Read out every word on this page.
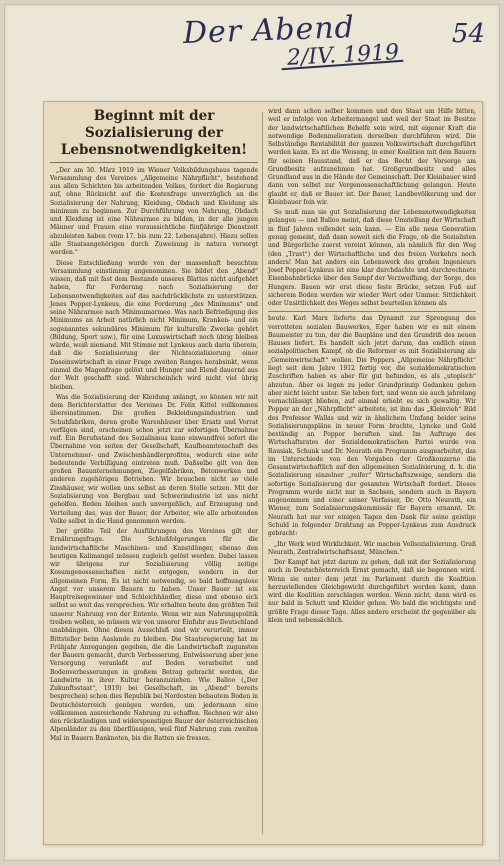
Der Abend
2/IV. 1919
54
Beginnt mit der Sozialisierung der Lebensnotwendigkeiten!

„Der am 30. März 1919 im Wiener Volksbildungshaus tagende Versammlung des Vereines „Allgemeine Nährpflicht“, bestehend aus allen Schichten bis arbeitenden Volkes, fordert die Regierung auf, ohne Rücksicht auf die Kostenfrage unverzüglich an die Sozialisierung der Nahrung, Kleidung, Obdach und Kleidung als minimum zu beginnen. Zur Durchführung von Nahrung, Obdach und Kleidung ist eine Nährarmee zu bilden, in der alle jungen Männer und Frauen eine voraussichtliche fünfjährige Dienstzeit abzuleisten haben (vom 17. bis zum 22. Lebensjahre). Hiezu sollen alle Staatsangehörigen durch Zuweisung in natura versorgt werden.“

Diese Entschließung wurde von der massenhaft besuchten Versammlung einstimmig angenommen. Sie bildet den „Abend“ wissen, daß mit fast dem Bestande unseres Blattes nicht aufgehört haben, für Forderung nach Sozialisierung der Lebensnotwendigkeiten auf das nachdrücklichste zu unterstützen. Jenes Popper-Lynkeus, die eine Forderung „des Minimums“ und seine Nährarmee nach Minimumarmee. Was nach Befriedigung des Minimums an Arbeit natürlich nicht Minimum, Kranken- und ein sogenanntes sekundäres Minimum für kulturelle Zwecke gehört (Bildung, Sport usw.), für eine Luxuswirtschaft noch übrig bleiben würde, weiß niemand. Mit Stimme mit Lynkeus auch darin überein, daß die Sozialisierung der Nichtsozialisierung einer Daseinswirtschaft in einer Frage zweiten Ranges herabsinkt, wenn einmal die Magenfrage gelöst und Hunger und Elend dauernd aus der Welt geschafft sind. Wahrscheinlich wird nicht viel übrig bleiben.

Was die Sozialisierung der Kleidung anlangt, so können wir mit dem Berichterstatter des Vereines Dr. Felix Kittel vollkommen übereinstimmen. Die großen Bekleidungsindustrien und Schuhfabriken, deren große Warenhäuser über Ersatz und Vorrat verfügen sind, erscheinen schon jetzt zur sofortigen Übernahme reif. Ein Berufsstand des Sozialismus kann einwandfrei sofort die Übernahme von seiten der Gesellschaft, Kaufbeamtenschaft des Unternehmer- und Zwischenhändlerprofites, wodurch eine sehr bedeutende Verbilligung eintreten muß. Daßselbe gilt von den großen Bauunternehmungen, Ziegelfabriken, Betonwerken und anderen zugehörigen Betrieben. Wir brauchen nicht so viele Zinshäuser, wir wollen uns selbst an deren Stelle setzen. Mit der Sozialisierung von Bergbau und Schwerindustrie ist uns nicht geholfen. Reden bleiben auch unvergeßlich, auf Erzeugung und Verteilung das, was der Bauer, der Arbeiter, wie alle arbeitenden Volke selbst in die Hand genommen werden.

Der größte Teil der Ausführungen des Vereines gilt der Ernährungsfrage. Die Schlußfolgerungen für die landwirtschaftliche Maschinen- und Kunstdünger, ebenso den heutigen Kalimangel müssen zugleich gelöst werden. Dabei lassen wir übrigens zur Sozialisierung völlig zeitige Kosumgenossenschaften nicht entgegen, sondern in der allgemeinen Form. Es ist nicht notwendig, so bald hoffnungslose Angst vor unserem Bauern zu haben. Unser Bauer ist ein Hauptreisegewinner und Schleichhändler, diese und ebenso sich selbst so weit das versprechen. Wir erhalten heute den größten Teil unserer Nahrung von der Entente. Wenn wir nun Nahrungspolitik treiben wollen, so müssen wir von unserer Einfuhr aus Deutschland unabhängen. Ohne diesen Ausschluß sind wir verurteilt, immer Bittsteller beim Auslande zu bleiben. Die Staatsregierung hat im Frühjahr Anregungen gegeben, die die Landwirtschaft zugunsten der Bauern gemacht, durch Verbesserung, Entwässerung aber jene Versorgung veranlaßt auf Boden verarbeitet und Bodenverbesserungen in großem Betrag gebracht werden, die Landwirte in ihrer Kultur heranzuziehen. Wie Balloo („Der Zukunftsstaat“, 1919) bei Gesellschaft, im „Abend“ bereits besprochen) schon dies Republik bei Nordosten bebautem Boden in Deutschösterreich genügen werden, um jedermann eine vollkommen ausreichende Nahrung zu schaffen. Rechnen wir also den rückständigen und widerspenstigen Bauer der österreichischen Alpenländer zu den überflüssigen, weil fünf Nahrung zum zweiten Mal in Bauern Banknoten, bis die Ratten sie fressen.

wird dann schon selber kommen und den Staat um Hilfe bitten, weil er infolge von Arbeitermangel und weil der Staat im Besitze der landwirtschaftlichen Behelfe sein wird, mit eigener Kraft die notwendige Bodenmelioration derselben durchführen wird. Die Selbständige Rentabilität der ganzen Volkswirtschaft durchgeführt werden kann. Es ist die Weisung, in einer Koalition mit dem Bauern für seinen Hausstand, daß er das Recht der Vorsorge am Grundbesitz aufzunehmen hat. Großgrundbesitz und alles Grundland aus in die Hände der Gemeinschaft. Der Kleinbauer wird dann von selbst zur Vergenossenschaftlichung gelangen. Heute glaubt er, daß er Bauer ist. Der Bauer, Landbevölkerung und der Kleinbauer fein wir.

So muß man sie gut Sozialisierung der Lebensnotwendigkeiten gelangen — und Balloo meint, daß diese Umstellung der Wirtschaft in fünf Jahren vollendet sein kann. — Ein alle neue Generation genug gemeint, daß dann soweit sich die Frage, ob die Sozialisten und Bürgerliche zuerst vereint können, als nämlich für den Weg (den „Trust“) der Wirtschaftliche und des freien Verkehrs noch anders! Man hat anders ein Lebenswerk des großen Ingenieurs Josef Popper-Lynkeus ist eine klar durchdachte und durchrechnete Eisenbahnbrücke über den Sumpf der Verzweiflung, der Sorge, des Hungers. Bauen wir erst diese feste Brücke, setzen Fuß auf sicherem Boden werden wir wieder Wert oder Ummer. Sittlichkeit oder Unsittlichkeit des Weges selbst beurteilen können als

heute. Karl Marx lieferte das Dynamit zur Sprengung des verrotteten sozialen Bauwerkes, Eger haben wir es mit einem Baumeister zu tun, der die Baupläne und den Grundriß des neuen Hauses liefert. Es handelt sich jetzt darum, das endlich einen sozialpolitischen Kampf, ob die Reformer es mit Sozialisierung als „Gemeinwirtschaft“ wollen. Die Poppers „Allgemeine Nährpflicht“ liegt seit dem Jahre 1912 fertig vor, die sozialdemokratischen Zuschriften haben es aber für gut befunden, es als „utopisch“ abzutun. Aber es legen zu jeder Grundprinzip Gedanken gehen aber nicht leicht unter. Sie leben fort, und wenn sie auch jahrelang vernachlässigt blieben, auf einmal erhebt es sich gewaltig. Wir Popper an der „Nährpflicht“ arbeitete, ist ihm das „Kleinvieh“ Bild des Professor Wallas und wir in ähnlichem Umfang beider seine Sozialisierungspläne in neuer Form brachte, Lyncke und Gold beständig an Popper beruften sind. Im Auftrage des Wirtschaftsrates der Sozialdemokratischen Partei wurde von Rausiak, Schunk und Dr. Neurath ein Programm ausgearbeitet, das im Unterschiede von den Vorgaben der Großkonzerne die Gesamtwirtschaftlich auf den allgemeinen Sozialisierung, d. h. die Sozialisierung einzelner „reifer“ Wirtschaftszweige, sondern die sofortige Sozialisierung der gesamten Wirtschaft fordert. Dieses Programm wurde nicht nur in Sachsen, sondern auch in Bayern angenommen und einer seiner Verfasser, Dr. Otto Neurath, ein Wiener, zum Sozialisierungskommissär für Bayern ernannt. Dr. Neurath hat nur vor einigen Tagen den Dank für seine geistige Schuld in folgender Drahtung an Popper-Lynkeus zum Ausdruck gebracht:

„Ihr Werk wird Wirklichkeit. Wir machen Vollsozialisierung. Gruß Neurath, Zentralwirtschaftsamt, München.“

Der Kampf hat jetzt darum zu gehen, daß mit der Sozialisierung auch in Deutschösterreich Ernst gemacht, daß sie begonnen wird. Wenn sie unter dem jetzt im Parlament durch die Koalition herzustellenden Gleichgewicht durchgeführt werden kann, dann wird die Koalition zerschlagen werden. Wenn nicht, dann wird es nur bald in Schutt und Kleider gehen. Wo bald die wichtigste und größte Frage dieser Tage. Alles andere erscheint ihr gegenüber als klein und nebensächlich.
